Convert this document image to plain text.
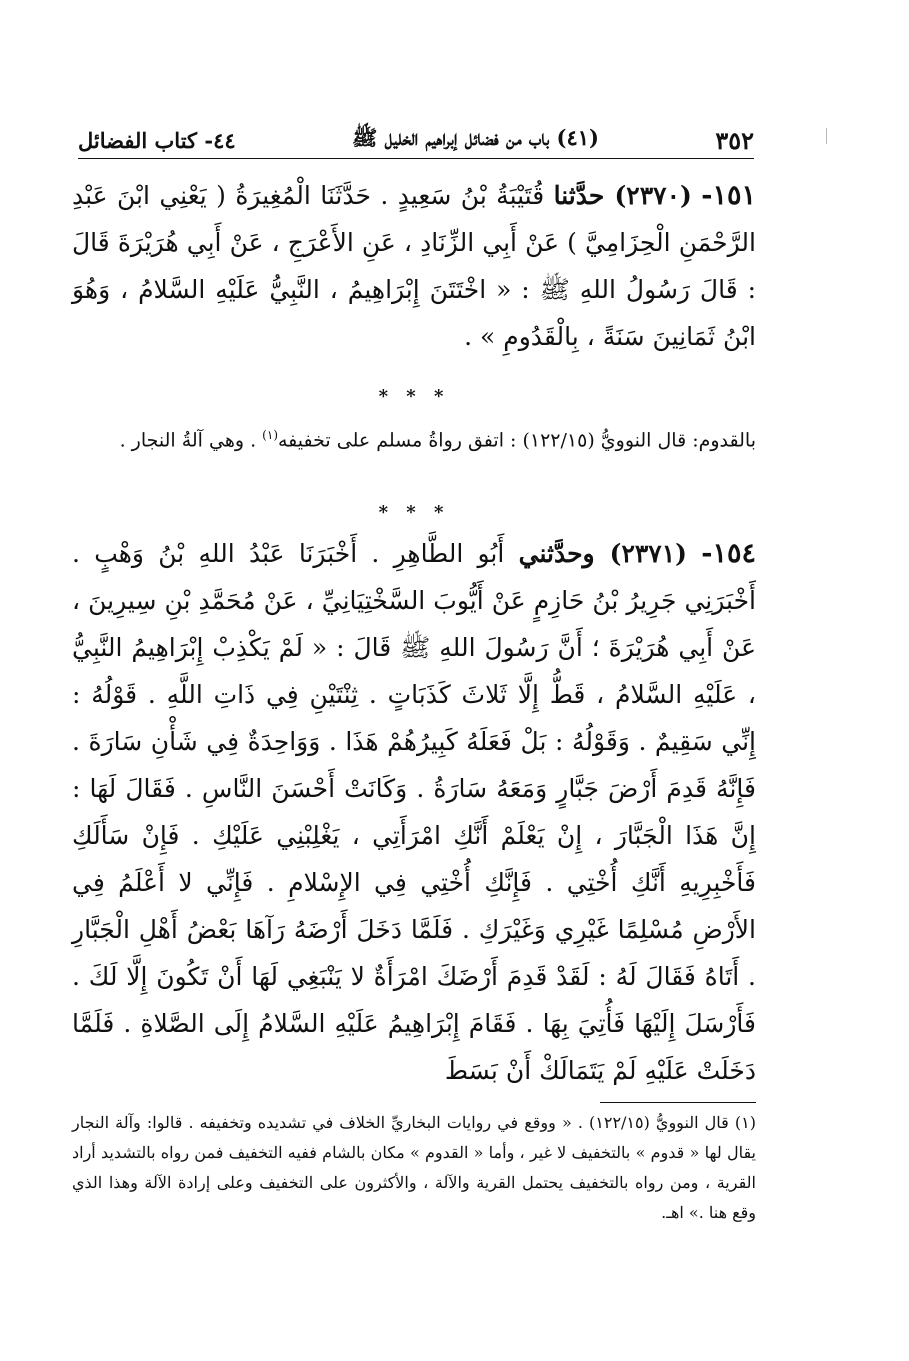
٣٥٢
(٤١) باب من فضائل إبراهيم الخليل ﷺ
٤٤- كتاب الفضائل
١٥١- (٢٣٧٠) حدَّثنا قُتَيْبَةُ بْنُ سَعِيدٍ . حَدَّثَنَا الْمُغِيرَةُ ( يَعْنِي ابْنَ عَبْدِ الرَّحْمَنِ الْحِزَامِيَّ ) عَنْ أَبِي الزِّنَادِ ، عَنِ الأَعْرَجِ ، عَنْ أَبِي هُرَيْرَةَ قَالَ : قَالَ رَسُولُ اللهِ ﷺ : « اخْتَتَنَ إِبْرَاهِيمُ ، النَّبِيُّ عَلَيْهِ السَّلامُ ، وَهُوَ ابْنُ ثَمَانِينَ سَنَةً ، بِالْقَدُومِ » .
* * *
بالقدوم: قال النوويُّ (١٢٢/١٥) : اتفق رواةُ مسلم على تخفيفه$^{(١)}$ . وهي آلةُ النجار .
* * *
١٥٤- (٢٣٧١) وحدَّثني أَبُو الطَّاهِرِ . أَخْبَرَنَا عَبْدُ اللهِ بْنُ وَهْبٍ . أَخْبَرَنِي جَرِيرُ بْنُ حَازِمٍ عَنْ أَيُّوبَ السَّخْتِيَانِيِّ ، عَنْ مُحَمَّدِ بْنِ سِيرِينَ ، عَنْ أَبِي هُرَيْرَةَ ؛ أَنَّ رَسُولَ اللهِ ﷺ قَالَ : « لَمْ يَكْذِبْ إِبْرَاهِيمُ النَّبِيُّ ، عَلَيْهِ السَّلامُ ، قَطُّ إِلَّا ثَلاثَ كَذَبَاتٍ . ثِنْتَيْنِ فِي ذَاتِ اللَّهِ . قَوْلُهُ : إِنِّي سَقِيمٌ . وَقَوْلُهُ : بَلْ فَعَلَهُ كَبِيرُهُمْ هَذَا . وَوَاحِدَةٌ فِي شَأْنِ سَارَةَ . فَإِنَّهُ قَدِمَ أَرْضَ جَبَّارٍ وَمَعَهُ سَارَةُ . وَكَانَتْ أَحْسَنَ النَّاسِ . فَقَالَ لَهَا : إِنَّ هَذَا الْجَبَّارَ ، إِنْ يَعْلَمْ أَنَّكِ امْرَأَتِي ، يَغْلِبْنِي عَلَيْكِ . فَإِنْ سَأَلَكِ فَأَخْبِرِيهِ أَنَّكِ أُخْتِي . فَإِنَّكِ أُخْتِي فِي الإِسْلامِ . فَإِنِّي لا أَعْلَمُ فِي الأَرْضِ مُسْلِمًا غَيْرِي وَغَيْرَكِ . فَلَمَّا دَخَلَ أَرْضَهُ رَآهَا بَعْضُ أَهْلِ الْجَبَّارِ . أَتَاهُ فَقَالَ لَهُ : لَقَدْ قَدِمَ أَرْضَكَ امْرَأَةٌ لا يَنْبَغِي لَهَا أَنْ تَكُونَ إِلَّا لَكَ . فَأَرْسَلَ إِلَيْهَا فَأُتِيَ بِهَا . فَقَامَ إِبْرَاهِيمُ عَلَيْهِ السَّلامُ إِلَى الصَّلاةِ . فَلَمَّا دَخَلَتْ عَلَيْهِ لَمْ يَتَمَالَكْ أَنْ بَسَطَ
(١) قال النوويُّ (١٢٢/١٥) . « ووقع في روايات البخاريِّ الخلاف في تشديده وتخفيفه . قالوا: وآلة النجار يقال لها « قدوم » بالتخفيف لا غير ، وأما « القدوم » مكان بالشام ففيه التخفيف فمن رواه بالتشديد أراد القرية ، ومن رواه بالتخفيف يحتمل القرية والآلة ، والأكثرون على التخفيف وعلى إرادة الآلة وهذا الذي وقع هنا .» اهـ.
